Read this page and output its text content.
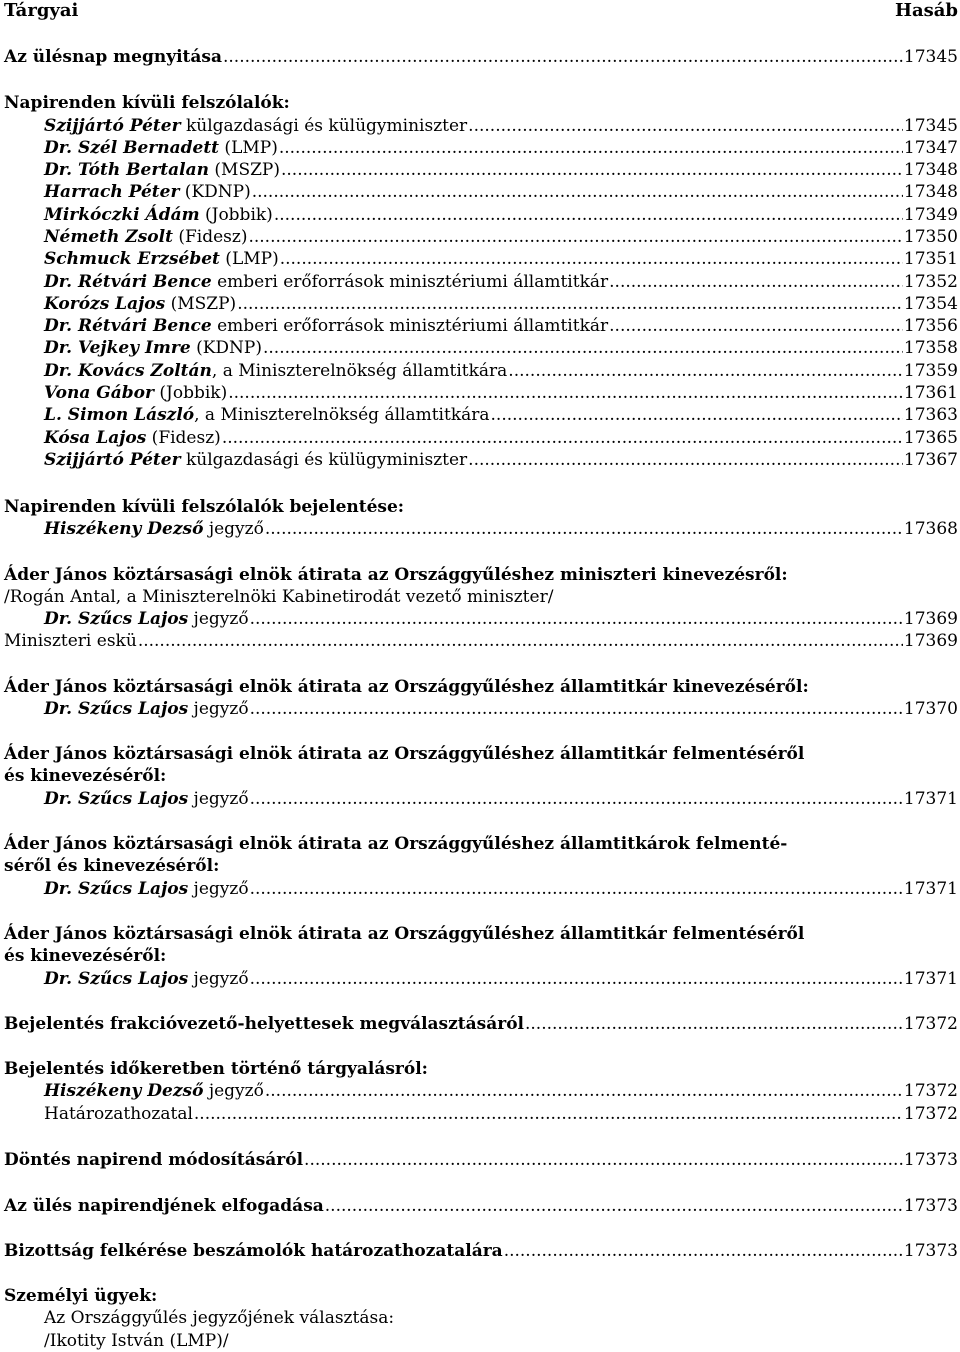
Tárgyai	Hasáb
Az ülésnap megnyitása .....	17345
Napirenden kívüli felszólalók:
Szijjártó Péter külgazdasági és külügyminiszter .....	17345
Dr. Szél Bernadett (LMP) .....	17347
Dr. Tóth Bertalan (MSZP) .....	17348
Harrach Péter (KDNP) .....	17348
Mirkóczki Ádám (Jobbik) .....	17349
Németh Zsolt (Fidesz) .....	17350
Schmuck Erzsébet (LMP) .....	17351
Dr. Rétvári Bence emberi erőforrások minisztériumi államtitkár .....	17352
Korózs Lajos (MSZP) .....	17354
Dr. Rétvári Bence emberi erőforrások minisztériumi államtitkár .....	17356
Dr. Vejkey Imre (KDNP) .....	17358
Dr. Kovács Zoltán, a Miniszterelnökség államtitkára .....	17359
Vona Gábor (Jobbik) .....	17361
L. Simon László, a Miniszterelnökség államtitkára .....	17363
Kósa Lajos (Fidesz) .....	17365
Szijjártó Péter külgazdasági és külügyminiszter .....	17367
Napirenden kívüli felszólalók bejelentése:
Hiszékeny Dezső jegyző .....	17368
Áder János köztársasági elnök átirata az Országgyűléshez miniszteri kinevezésről:
/Rogán Antal, a Miniszterelnöki Kabinetirodát vezető miniszter/
Dr. Szűcs Lajos jegyző .....	17369
Miniszteri eskü .....	17369
Áder János köztársasági elnök átirata az Országgyűléshez államtitkár kinevezéséről:
Dr. Szűcs Lajos jegyző .....	17370
Áder János köztársasági elnök átirata az Országgyűléshez államtitkár felmentéséről
és kinevezéséről:
Dr. Szűcs Lajos jegyző .....	17371
Áder János köztársasági elnök átirata az Országgyűléshez államtitkárok felmenté-
séről és kinevezéséről:
Dr. Szűcs Lajos jegyző .....	17371
Áder János köztársasági elnök átirata az Országgyűléshez államtitkár felmentéséről
és kinevezéséről:
Dr. Szűcs Lajos jegyző .....	17371
Bejelentés frakcióvezető-helyettesek megválasztásáról .....	17372
Bejelentés időkeretben történő tárgyalásról:
Hiszékeny Dezső jegyző .....	17372
Határozathozatal .....	17372
Döntés napirend módosításáról .....	17373
Az ülés napirendjének elfogadása .....	17373
Bizottság felkérése beszámolók határozathozatalára .....	17373
Személyi ügyek:
Az Országgyűlés jegyzőjének választása:
/Ikotity István (LMP)/
